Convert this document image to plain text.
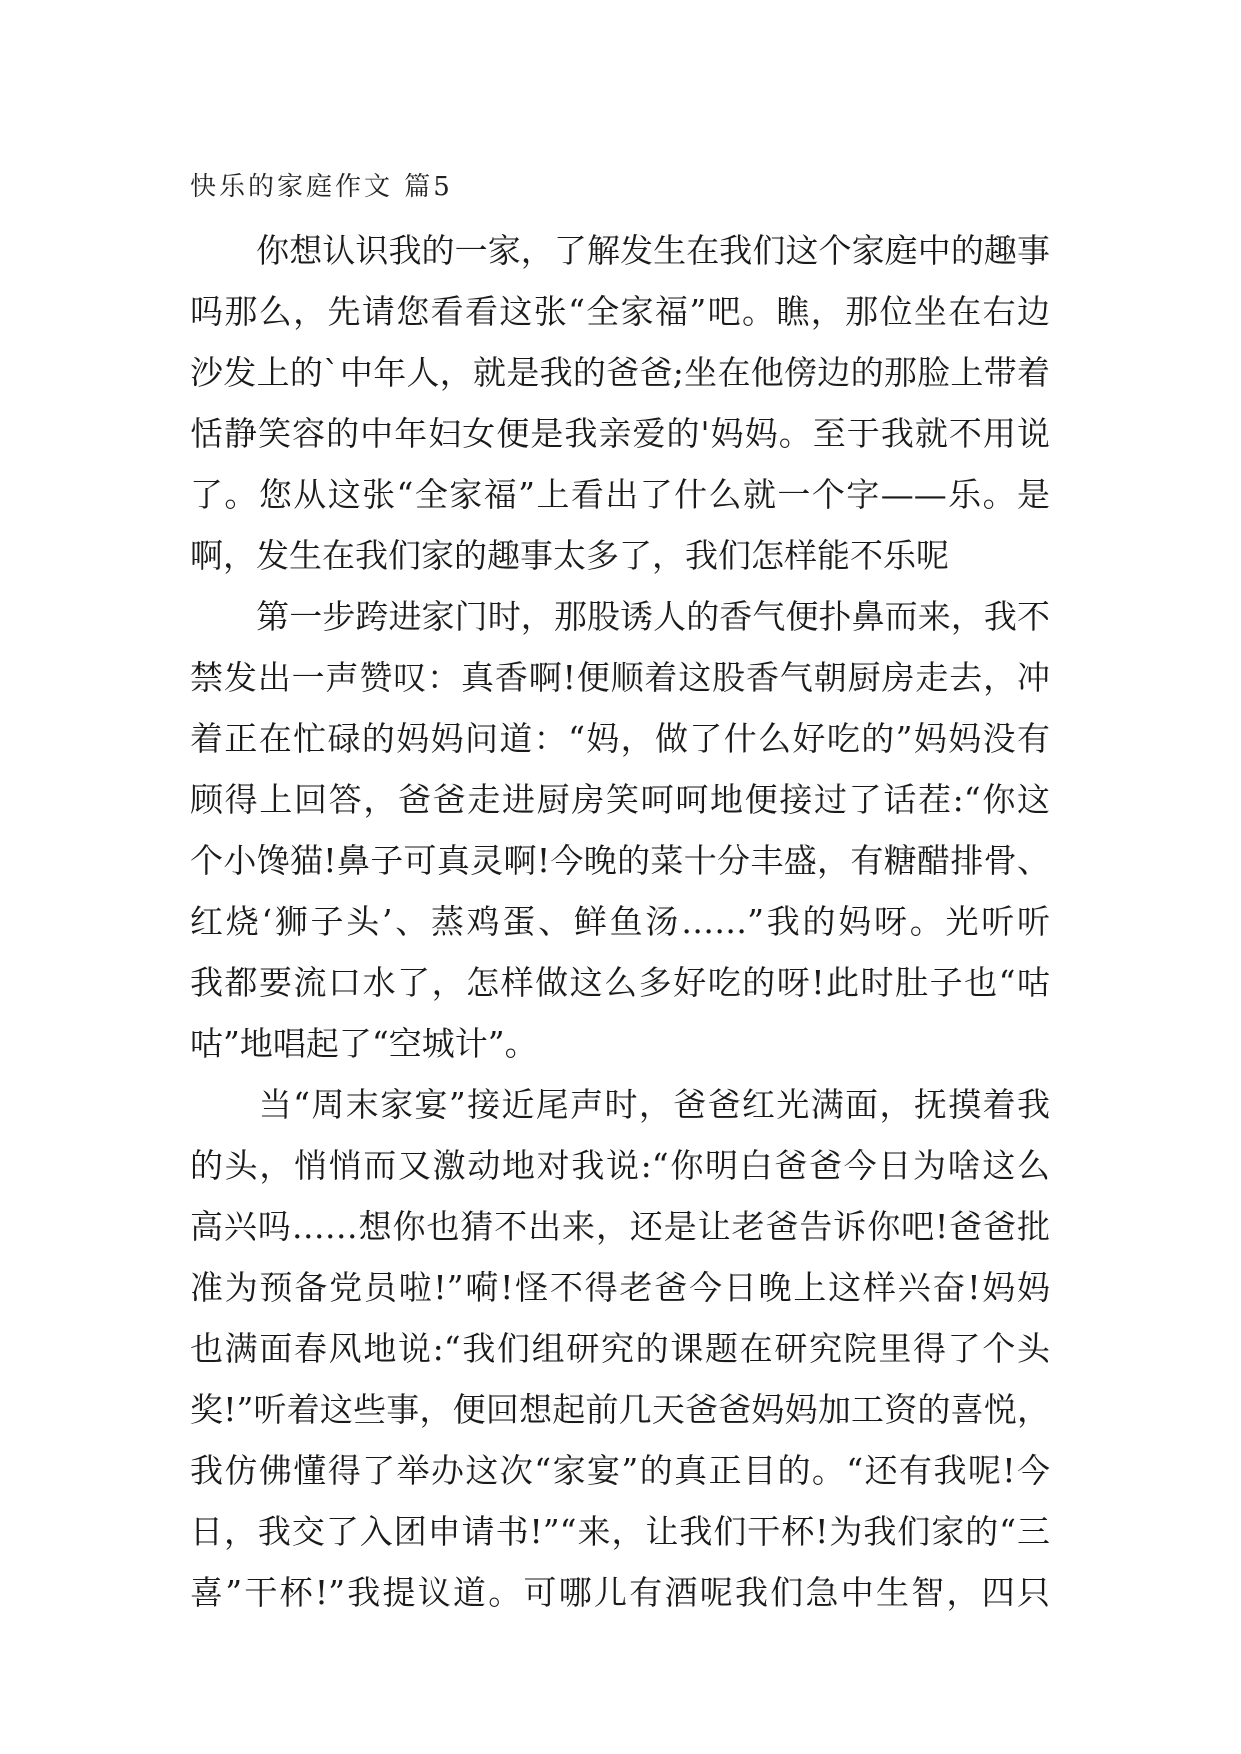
快乐的家庭作文 篇5
　　你想认识我的一家，了解发生在我们这个家庭中的趣事
吗那么，先请您看看这张“全家福”吧。瞧，那位坐在右边
沙发上的`中年人，就是我的爸爸;坐在他傍边的那脸上带着
恬静笑容的中年妇女便是我亲爱的'妈妈。至于我就不用说
了。您从这张“全家福”上看出了什么就一个字——乐。是
啊，发生在我们家的趣事太多了，我们怎样能不乐呢
　　第一步跨进家门时，那股诱人的香气便扑鼻而来，我不
禁发出一声赞叹：真香啊!便顺着这股香气朝厨房走去，冲
着正在忙碌的妈妈问道：“妈，做了什么好吃的”妈妈没有
顾得上回答，爸爸走进厨房笑呵呵地便接过了话茬:“你这
个小馋猫!鼻子可真灵啊!今晚的菜十分丰盛，有糖醋排骨、
红烧‘狮子头’、蒸鸡蛋、鲜鱼汤……”我的妈呀。光听听
我都要流口水了，怎样做这么多好吃的呀!此时肚子也“咕
咕”地唱起了“空城计”。
　　当“周末家宴”接近尾声时，爸爸红光满面，抚摸着我
的头，悄悄而又激动地对我说:“你明白爸爸今日为啥这么
高兴吗……想你也猜不出来，还是让老爸告诉你吧!爸爸批
准为预备党员啦!”嗬!怪不得老爸今日晚上这样兴奋!妈妈
也满面春风地说:“我们组研究的课题在研究院里得了个头
奖!”听着这些事，便回想起前几天爸爸妈妈加工资的喜悦，
我仿佛懂得了举办这次“家宴”的真正目的。“还有我呢!今
日，我交了入团申请书!”“来，让我们干杯!为我们家的“三
喜”干杯!”我提议道。可哪儿有酒呢我们急中生智，四只
